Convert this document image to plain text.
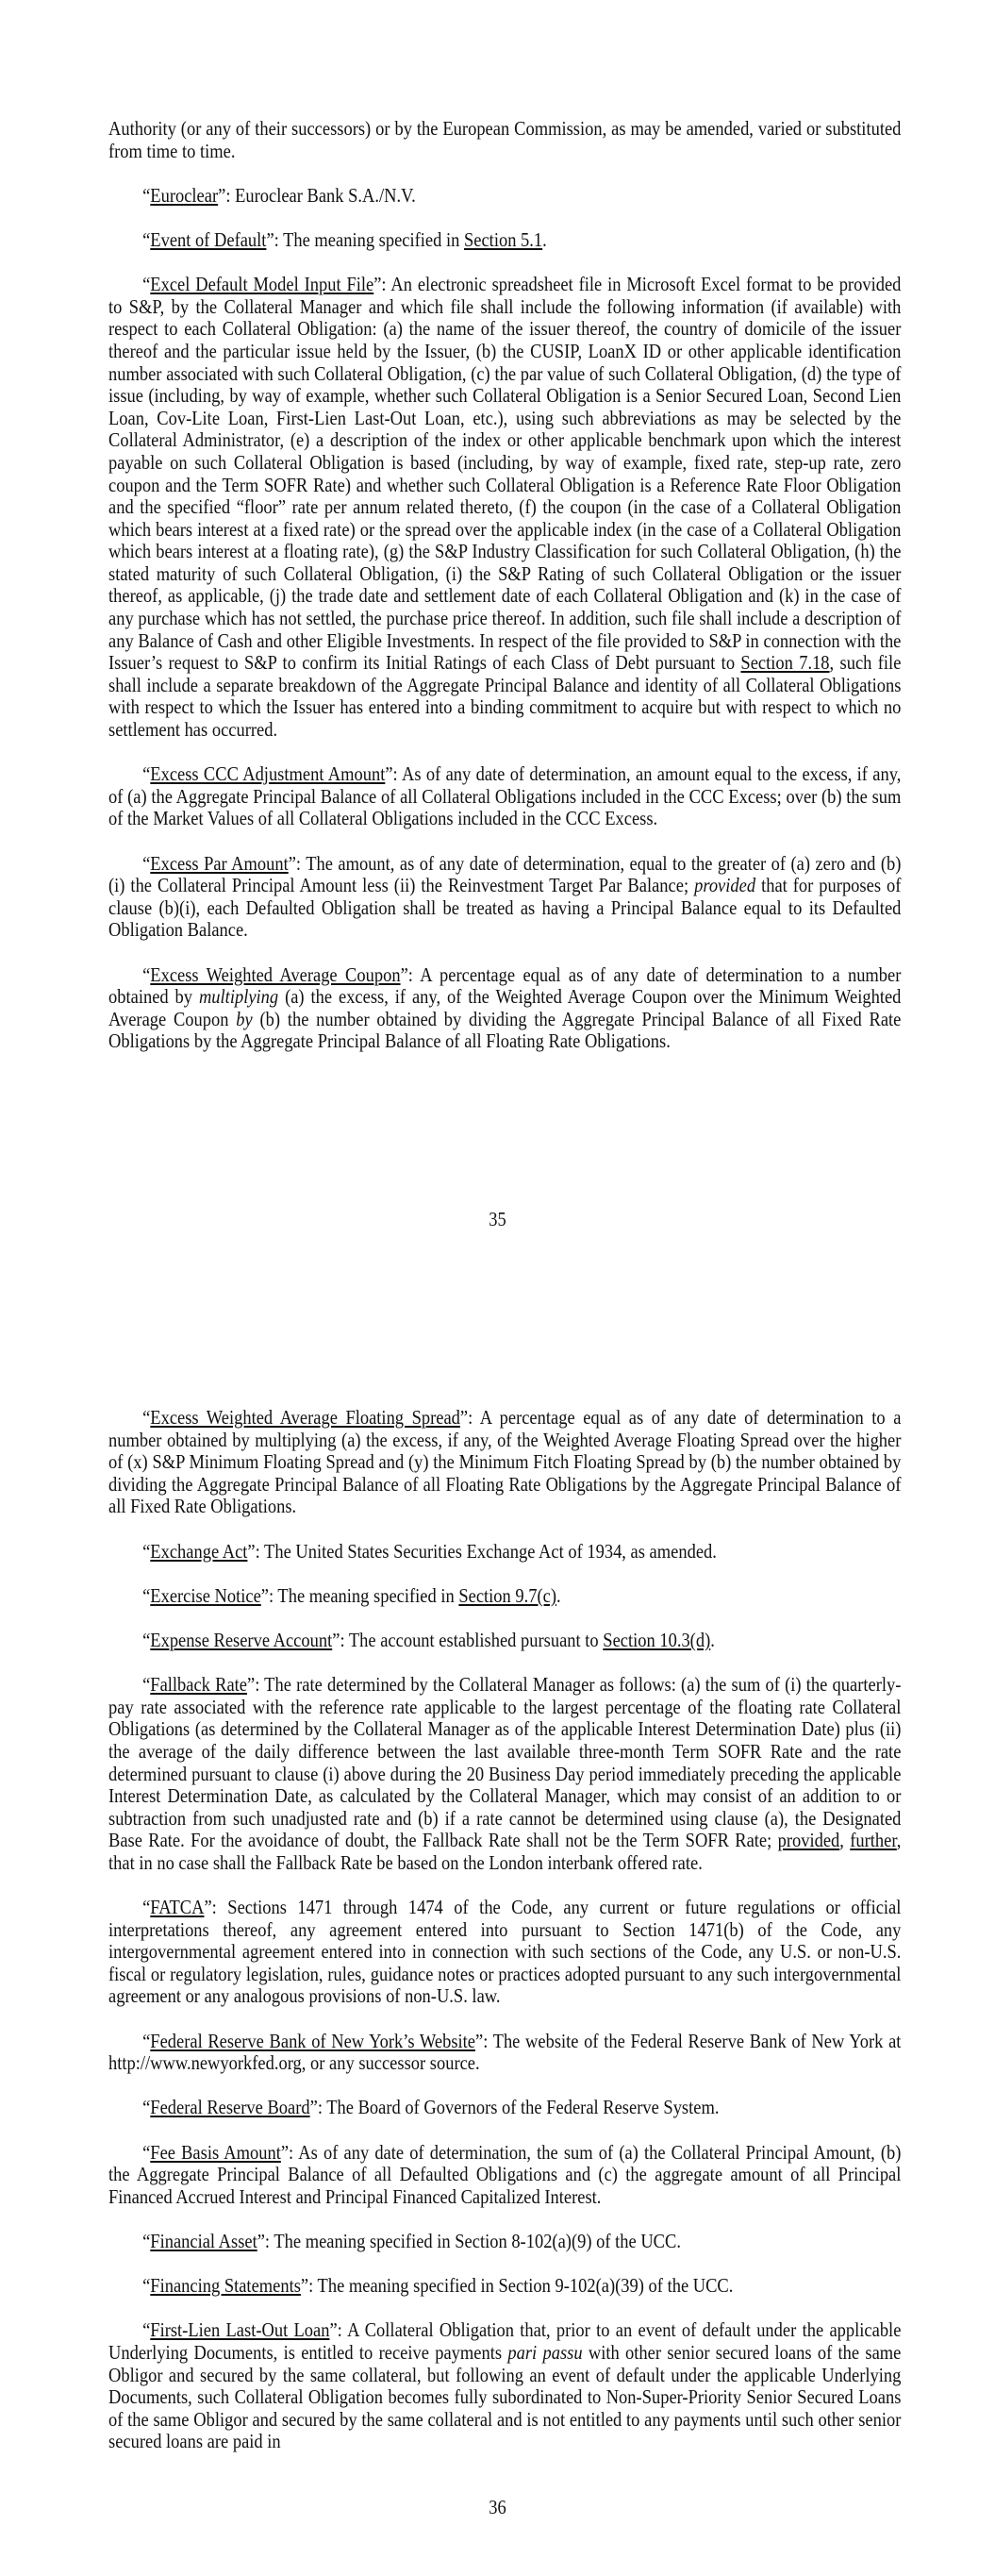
Authority (or any of their successors) or by the European Commission, as may be amended, varied or substituted from time to time.

“Euroclear”: Euroclear Bank S.A./N.V.

“Event of Default”: The meaning specified in Section 5.1.

“Excel Default Model Input File”: An electronic spreadsheet file in Microsoft Excel format to be provided to S&P, by the Collateral Manager and which file shall include the following information (if available) with respect to each Collateral Obligation: (a) the name of the issuer thereof, the country of domicile of the issuer thereof and the particular issue held by the Issuer, (b) the CUSIP, LoanX ID or other applicable identification number associated with such Collateral Obligation, (c) the par value of such Collateral Obligation, (d) the type of issue (including, by way of example, whether such Collateral Obligation is a Senior Secured Loan, Second Lien Loan, Cov-Lite Loan, First-Lien Last-Out Loan, etc.), using such abbreviations as may be selected by the Collateral Administrator, (e) a description of the index or other applicable benchmark upon which the interest payable on such Collateral Obligation is based (including, by way of example, fixed rate, step-up rate, zero coupon and the Term SOFR Rate) and whether such Collateral Obligation is a Reference Rate Floor Obligation and the specified “floor” rate per annum related thereto, (f) the coupon (in the case of a Collateral Obligation which bears interest at a fixed rate) or the spread over the applicable index (in the case of a Collateral Obligation which bears interest at a floating rate), (g) the S&P Industry Classification for such Collateral Obligation, (h) the stated maturity of such Collateral Obligation, (i) the S&P Rating of such Collateral Obligation or the issuer thereof, as applicable, (j) the trade date and settlement date of each Collateral Obligation and (k) in the case of any purchase which has not settled, the purchase price thereof. In addition, such file shall include a description of any Balance of Cash and other Eligible Investments. In respect of the file provided to S&P in connection with the Issuer’s request to S&P to confirm its Initial Ratings of each Class of Debt pursuant to Section 7.18, such file shall include a separate breakdown of the Aggregate Principal Balance and identity of all Collateral Obligations with respect to which the Issuer has entered into a binding commitment to acquire but with respect to which no settlement has occurred.

“Excess CCC Adjustment Amount”: As of any date of determination, an amount equal to the excess, if any, of (a) the Aggregate Principal Balance of all Collateral Obligations included in the CCC Excess; over (b) the sum of the Market Values of all Collateral Obligations included in the CCC Excess.

“Excess Par Amount”: The amount, as of any date of determination, equal to the greater of (a) zero and (b)(i) the Collateral Principal Amount less (ii) the Reinvestment Target Par Balance; provided that for purposes of clause (b)(i), each Defaulted Obligation shall be treated as having a Principal Balance equal to its Defaulted Obligation Balance.

“Excess Weighted Average Coupon”: A percentage equal as of any date of determination to a number obtained by multiplying (a) the excess, if any, of the Weighted Average Coupon over the Minimum Weighted Average Coupon by (b) the number obtained by dividing the Aggregate Principal Balance of all Fixed Rate Obligations by the Aggregate Principal Balance of all Floating Rate Obligations.

35

“Excess Weighted Average Floating Spread”: A percentage equal as of any date of determination to a number obtained by multiplying (a) the excess, if any, of the Weighted Average Floating Spread over the higher of (x) S&P Minimum Floating Spread and (y) the Minimum Fitch Floating Spread by (b) the number obtained by dividing the Aggregate Principal Balance of all Floating Rate Obligations by the Aggregate Principal Balance of all Fixed Rate Obligations.

“Exchange Act”: The United States Securities Exchange Act of 1934, as amended.

“Exercise Notice”: The meaning specified in Section 9.7(c).

“Expense Reserve Account”: The account established pursuant to Section 10.3(d).

“Fallback Rate”: The rate determined by the Collateral Manager as follows: (a) the sum of (i) the quarterly-pay rate associated with the reference rate applicable to the largest percentage of the floating rate Collateral Obligations (as determined by the Collateral Manager as of the applicable Interest Determination Date) plus (ii) the average of the daily difference between the last available three-month Term SOFR Rate and the rate determined pursuant to clause (i) above during the 20 Business Day period immediately preceding the applicable Interest Determination Date, as calculated by the Collateral Manager, which may consist of an addition to or subtraction from such unadjusted rate and (b) if a rate cannot be determined using clause (a), the Designated Base Rate. For the avoidance of doubt, the Fallback Rate shall not be the Term SOFR Rate; provided, further, that in no case shall the Fallback Rate be based on the London interbank offered rate.

“FATCA”: Sections 1471 through 1474 of the Code, any current or future regulations or official interpretations thereof, any agreement entered into pursuant to Section 1471(b) of the Code, any intergovernmental agreement entered into in connection with such sections of the Code, any U.S. or non-U.S. fiscal or regulatory legislation, rules, guidance notes or practices adopted pursuant to any such intergovernmental agreement or any analogous provisions of non-U.S. law.

“Federal Reserve Bank of New York’s Website”: The website of the Federal Reserve Bank of New York at http://www.newyorkfed.org, or any successor source.

“Federal Reserve Board”: The Board of Governors of the Federal Reserve System.

“Fee Basis Amount”: As of any date of determination, the sum of (a) the Collateral Principal Amount, (b) the Aggregate Principal Balance of all Defaulted Obligations and (c) the aggregate amount of all Principal Financed Accrued Interest and Principal Financed Capitalized Interest.

“Financial Asset”: The meaning specified in Section 8-102(a)(9) of the UCC.

“Financing Statements”: The meaning specified in Section 9-102(a)(39) of the UCC.

“First-Lien Last-Out Loan”: A Collateral Obligation that, prior to an event of default under the applicable Underlying Documents, is entitled to receive payments pari passu with other senior secured loans of the same Obligor and secured by the same collateral, but following an event of default under the applicable Underlying Documents, such Collateral Obligation becomes fully subordinated to Non-Super-Priority Senior Secured Loans of the same Obligor and secured by the same collateral and is not entitled to any payments until such other senior secured loans are paid in

36
